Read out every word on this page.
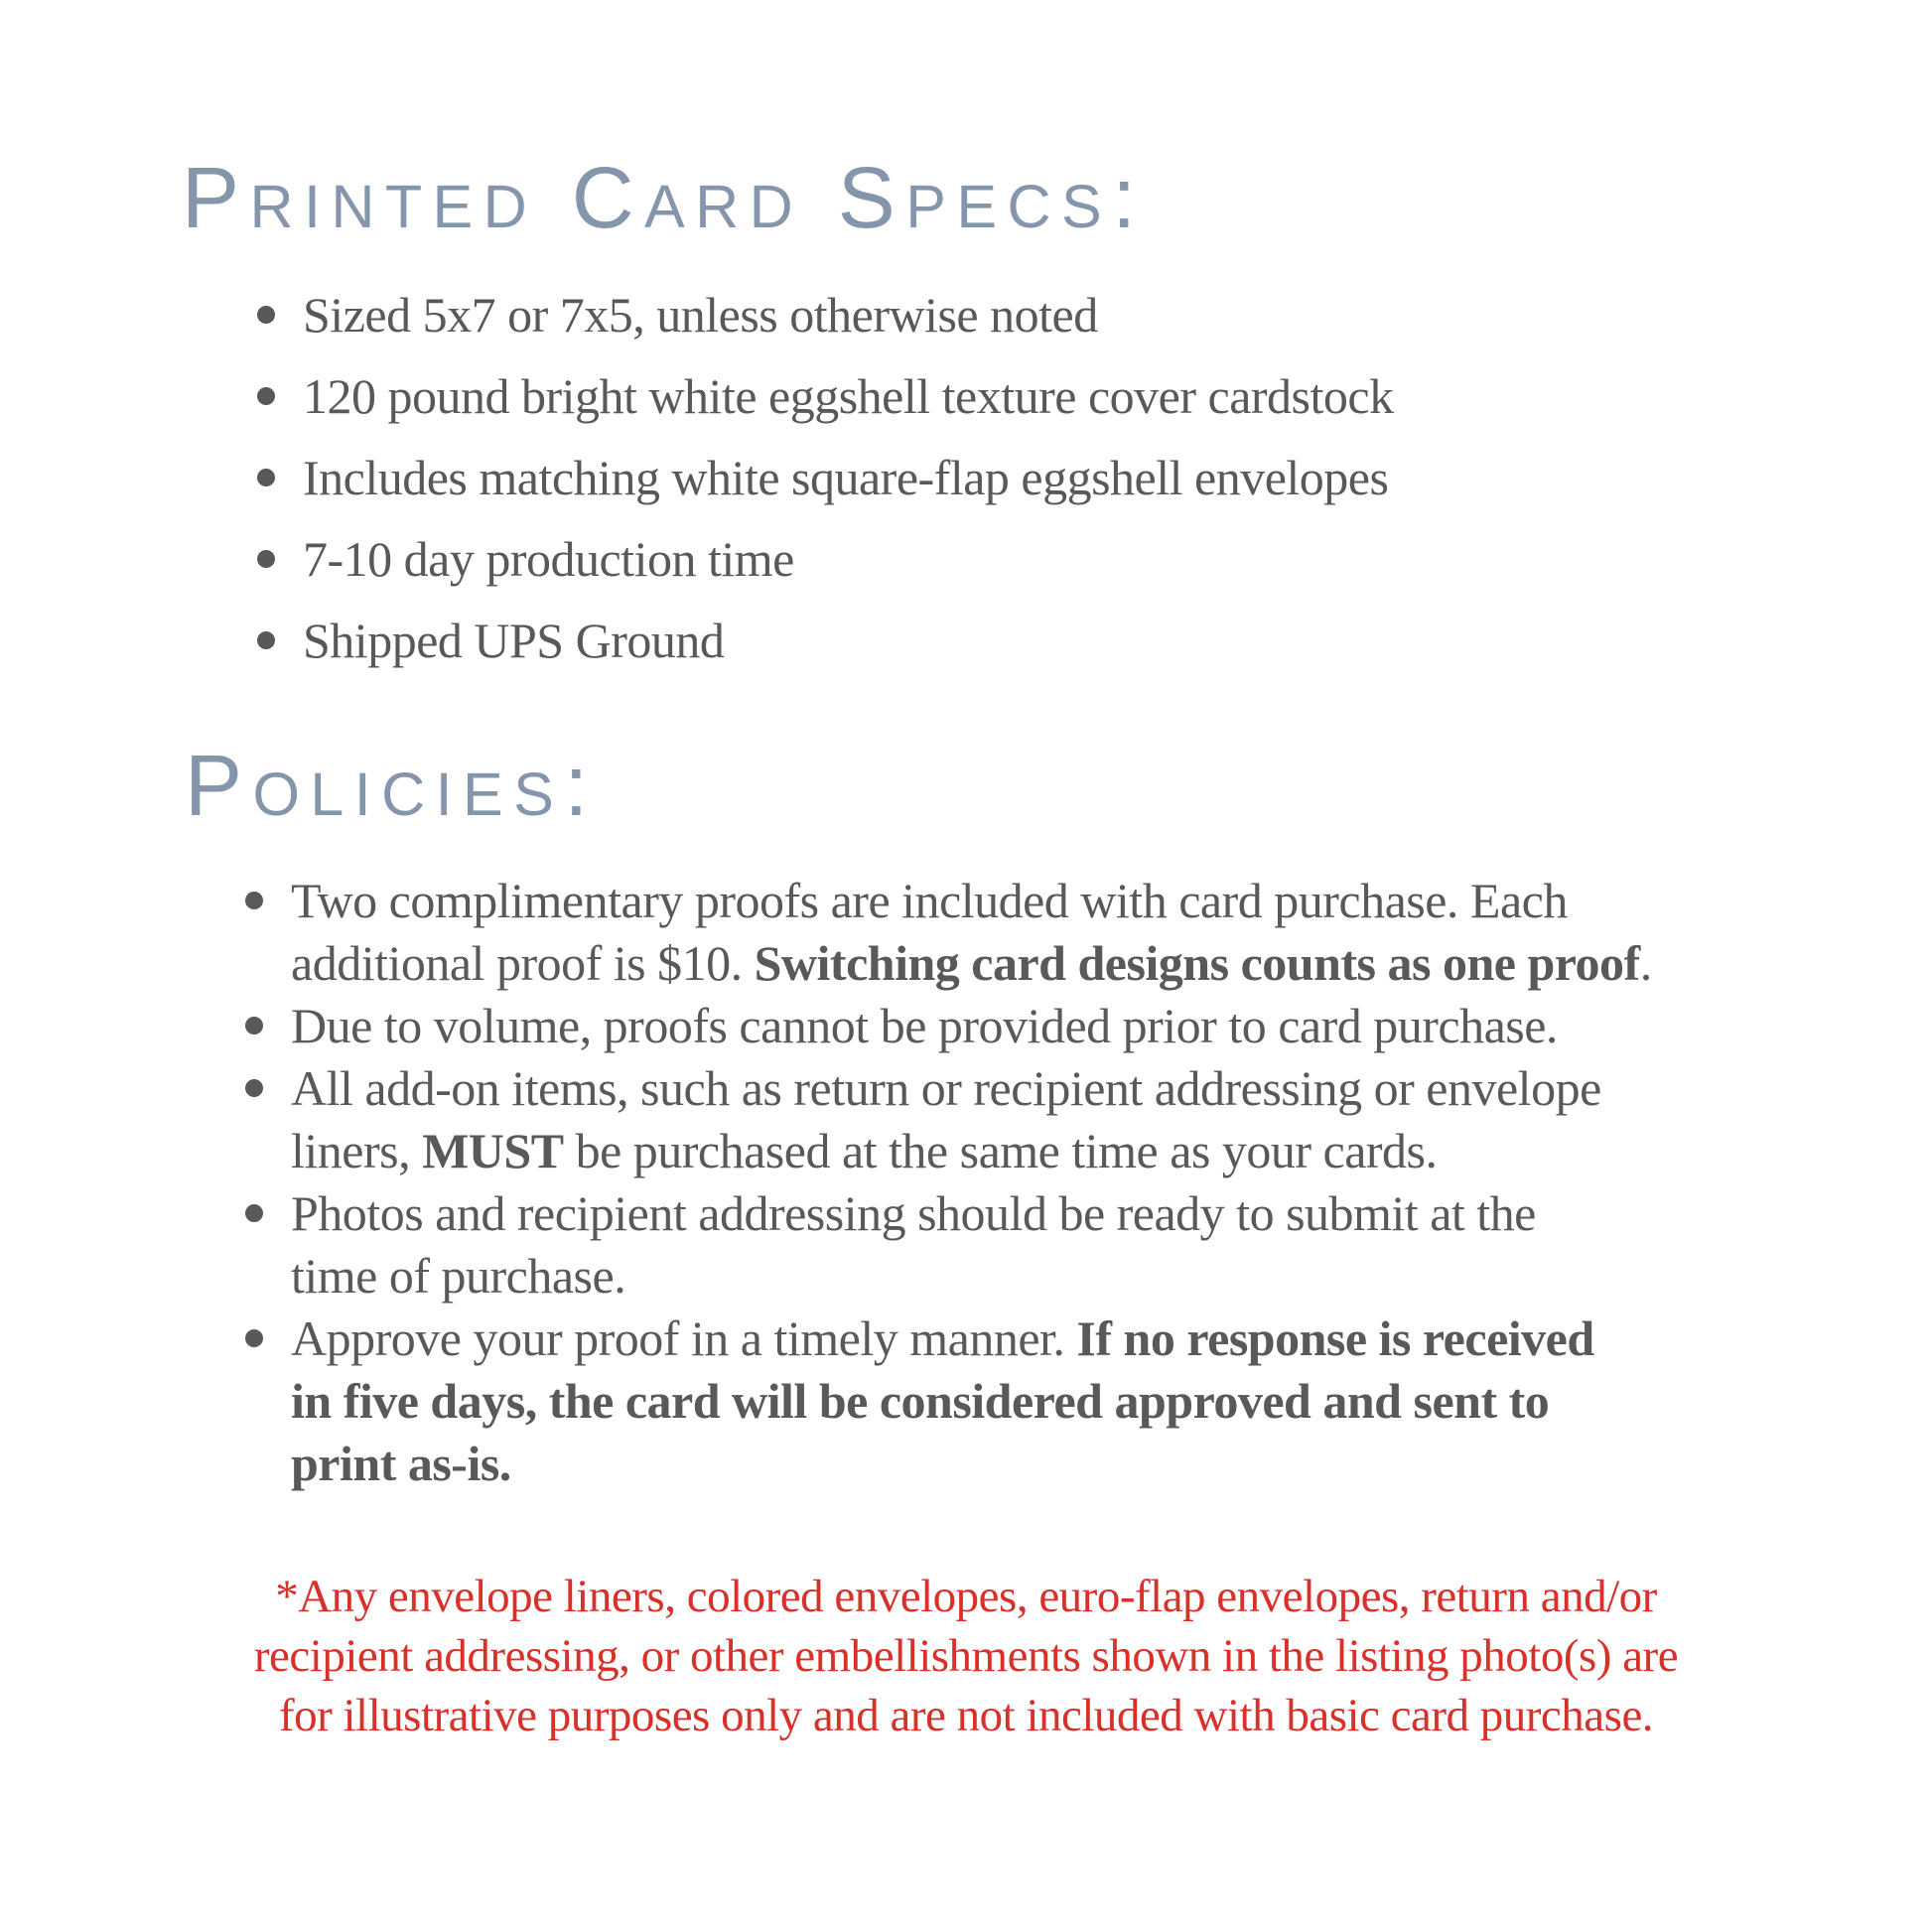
Printed Card Specs:
Sized 5x7 or 7x5, unless otherwise noted
120 pound bright white eggshell texture cover cardstock
Includes matching white square-flap eggshell envelopes
7-10 day production time
Shipped UPS Ground
Policies:
Two complimentary proofs are included with card purchase. Each
additional proof is $10. Switching card designs counts as one proof.
Due to volume, proofs cannot be provided prior to card purchase.
All add-on items, such as return or recipient addressing or envelope
liners, MUST be purchased at the same time as your cards.
Photos and recipient addressing should be ready to submit at the
time of purchase.
Approve your proof in a timely manner. If no response is received
in five days, the card will be considered approved and sent to
print as-is.

*Any envelope liners, colored envelopes, euro-flap envelopes, return and/or
recipient addressing, or other embellishments shown in the listing photo(s) are
for illustrative purposes only and are not included with basic card purchase.
